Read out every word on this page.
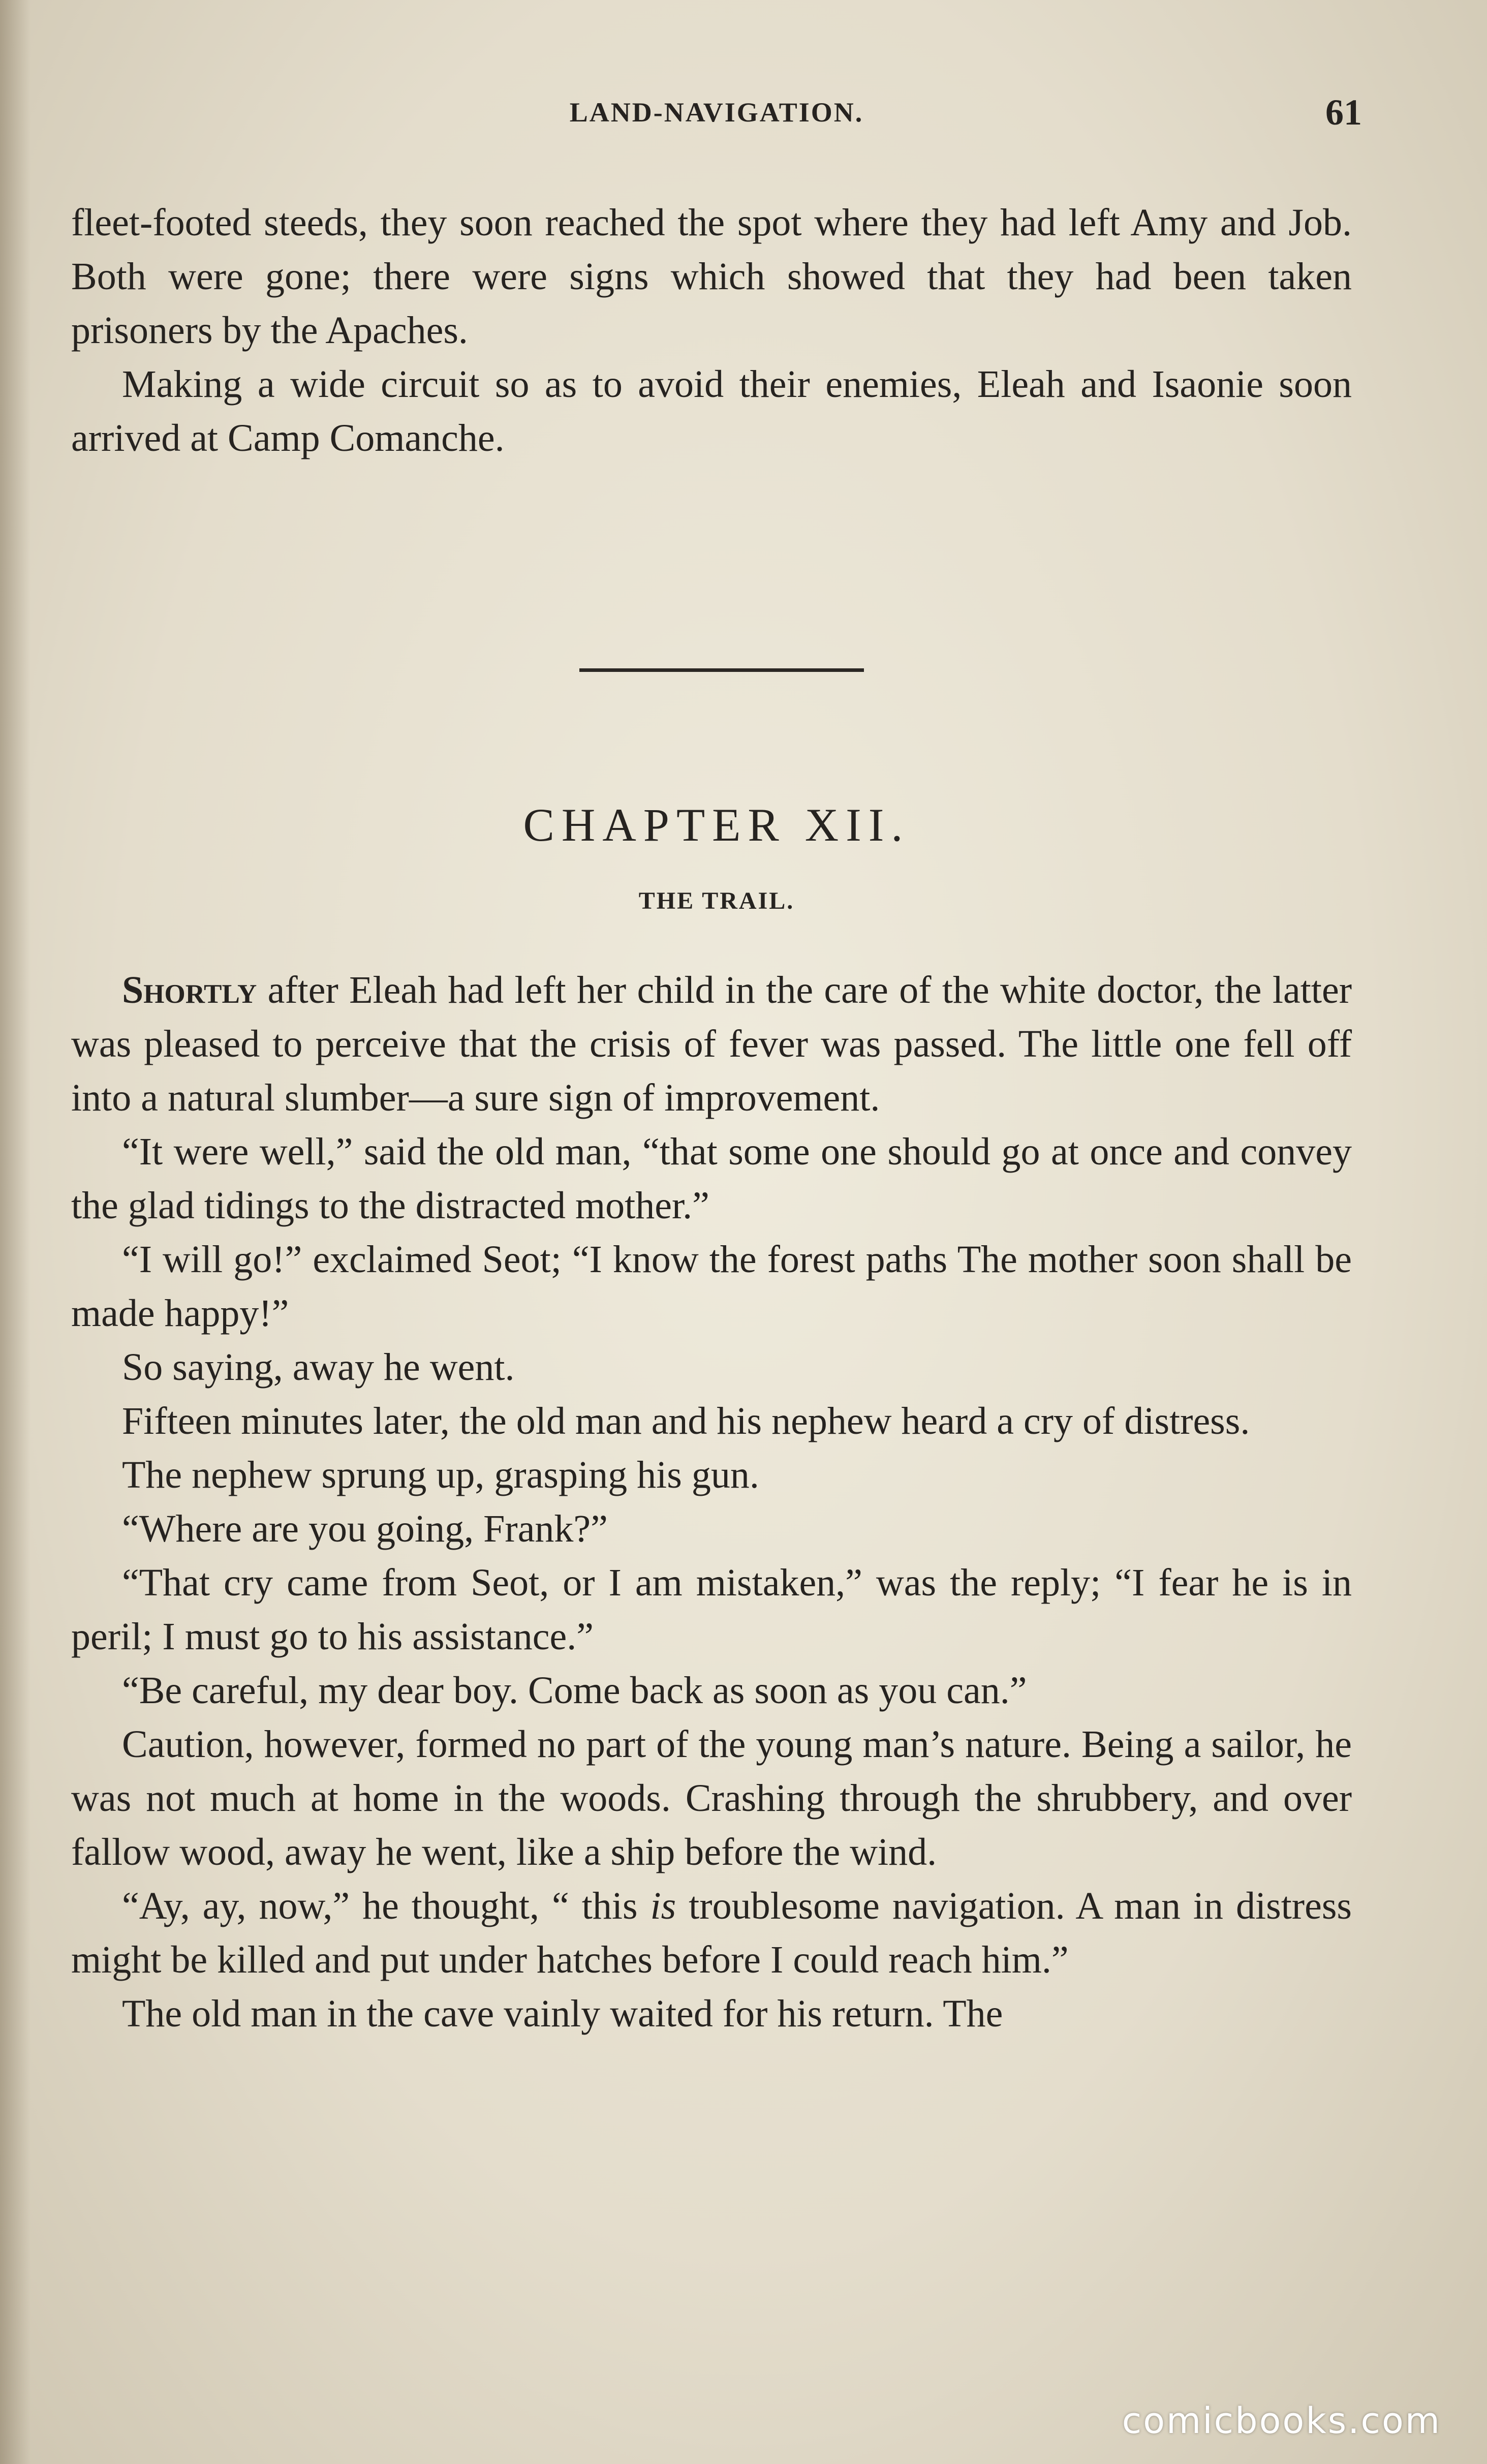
LAND-NAVIGATION.	61

fleet-footed steeds, they soon reached the spot where they had left Amy and Job. Both were gone; there were signs which showed that they had been taken prisoners by the Apaches.

Making a wide circuit so as to avoid their enemies, Eleah and Isaonie soon arrived at Camp Comanche.

CHAPTER XII.
THE TRAIL.

Shortly after Eleah had left her child in the care of the white doctor, the latter was pleased to perceive that the crisis of fever was passed. The little one fell off into a natural slumber—a sure sign of improvement.

“It were well,” said the old man, “that some one should go at once and convey the glad tidings to the distracted mother.”

“I will go!” exclaimed Seot; “I know the forest paths The mother soon shall be made happy!”

So saying, away he went.

Fifteen minutes later, the old man and his nephew heard a cry of distress.

The nephew sprung up, grasping his gun.

“Where are you going, Frank?”

“That cry came from Seot, or I am mistaken,” was the reply; “I fear he is in peril; I must go to his assistance.”

“Be careful, my dear boy. Come back as soon as you can.”

Caution, however, formed no part of the young man’s nature. Being a sailor, he was not much at home in the woods. Crashing through the shrubbery, and over fallow wood, away he went, like a ship before the wind.

“Ay, ay, now,” he thought, “ this is troublesome navigation. A man in distress might be killed and put under hatches before I could reach him.”

The old man in the cave vainly waited for his return. The

comicbooks.com
